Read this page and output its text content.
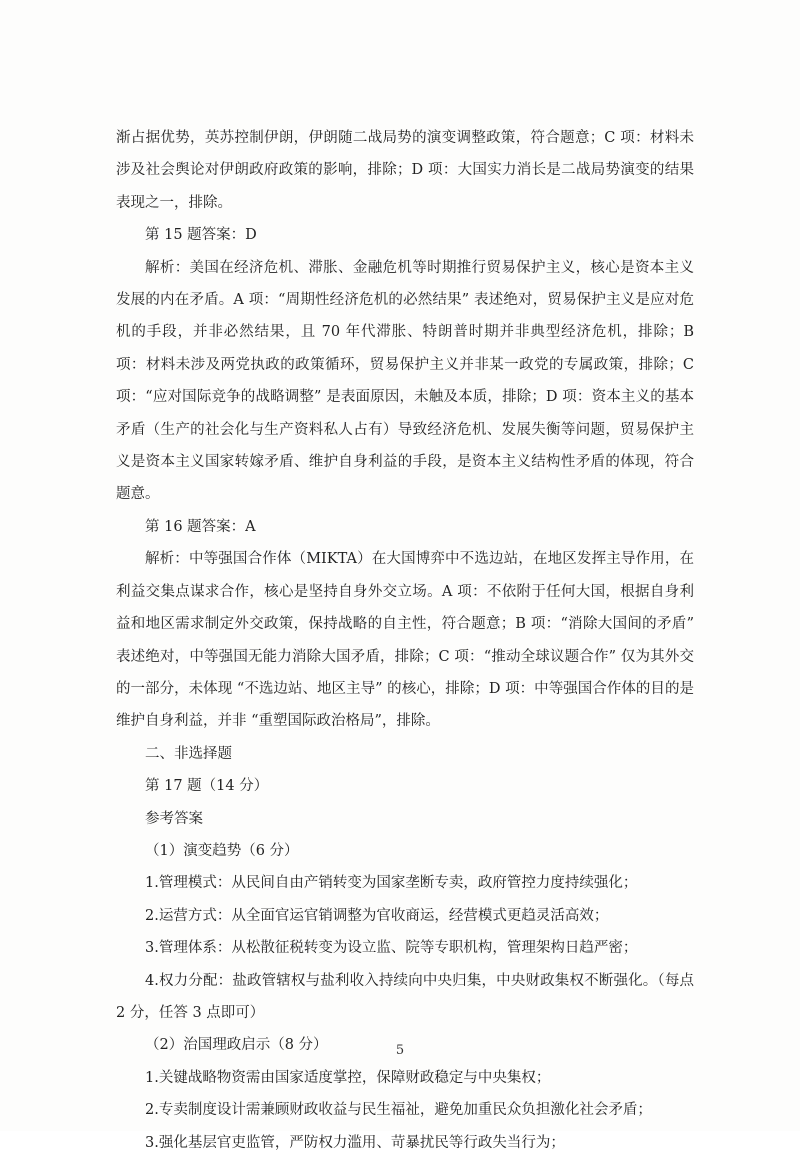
渐占据优势，英苏控制伊朗，伊朗随二战局势的演变调整政策，符合题意；C 项：材料未涉及社会舆论对伊朗政府政策的影响，排除；D 项：大国实力消长是二战局势演变的结果表现之一，排除。

第 15 题答案：D

解析：美国在经济危机、滞胀、金融危机等时期推行贸易保护主义，核心是资本主义发展的内在矛盾。A 项：“周期性经济危机的必然结果” 表述绝对，贸易保护主义是应对危机的手段，并非必然结果，且 70 年代滞胀、特朗普时期并非典型经济危机，排除；B 项：材料未涉及两党执政的政策循环，贸易保护主义并非某一政党的专属政策，排除；C 项：“应对国际竞争的战略调整” 是表面原因，未触及本质，排除；D 项：资本主义的基本矛盾（生产的社会化与生产资料私人占有）导致经济危机、发展失衡等问题，贸易保护主义是资本主义国家转嫁矛盾、维护自身利益的手段，是资本主义结构性矛盾的体现，符合题意。

第 16 题答案：A

解析：中等强国合作体（MIKTA）在大国博弈中不选边站，在地区发挥主导作用，在利益交集点谋求合作，核心是坚持自身外交立场。A 项：不依附于任何大国，根据自身利益和地区需求制定外交政策，保持战略的自主性，符合题意；B 项：“消除大国间的矛盾” 表述绝对，中等强国无能力消除大国矛盾，排除；C 项：“推动全球议题合作” 仅为其外交的一部分，未体现 “不选边站、地区主导” 的核心，排除；D 项：中等强国合作体的目的是维护自身利益，并非 “重塑国际政治格局”，排除。

二、非选择题

第 17 题（14 分）

参考答案

（1）演变趋势（6 分）

1.管理模式：从民间自由产销转变为国家垄断专卖，政府管控力度持续强化；

2.运营方式：从全面官运官销调整为官收商运，经营模式更趋灵活高效；

3.管理体系：从松散征税转变为设立监、院等专职机构，管理架构日趋严密；

4.权力分配：盐政管辖权与盐利收入持续向中央归集，中央财政集权不断强化。（每点 2 分，任答 3 点即可）

（2）治国理政启示（8 分）

1.关键战略物资需由国家适度掌控，保障财政稳定与中央集权；

2.专卖制度设计需兼顾财政收益与民生福祉，避免加重民众负担激化社会矛盾；

3.强化基层官吏监管，严防权力滥用、苛暴扰民等行政失当行为；

5
